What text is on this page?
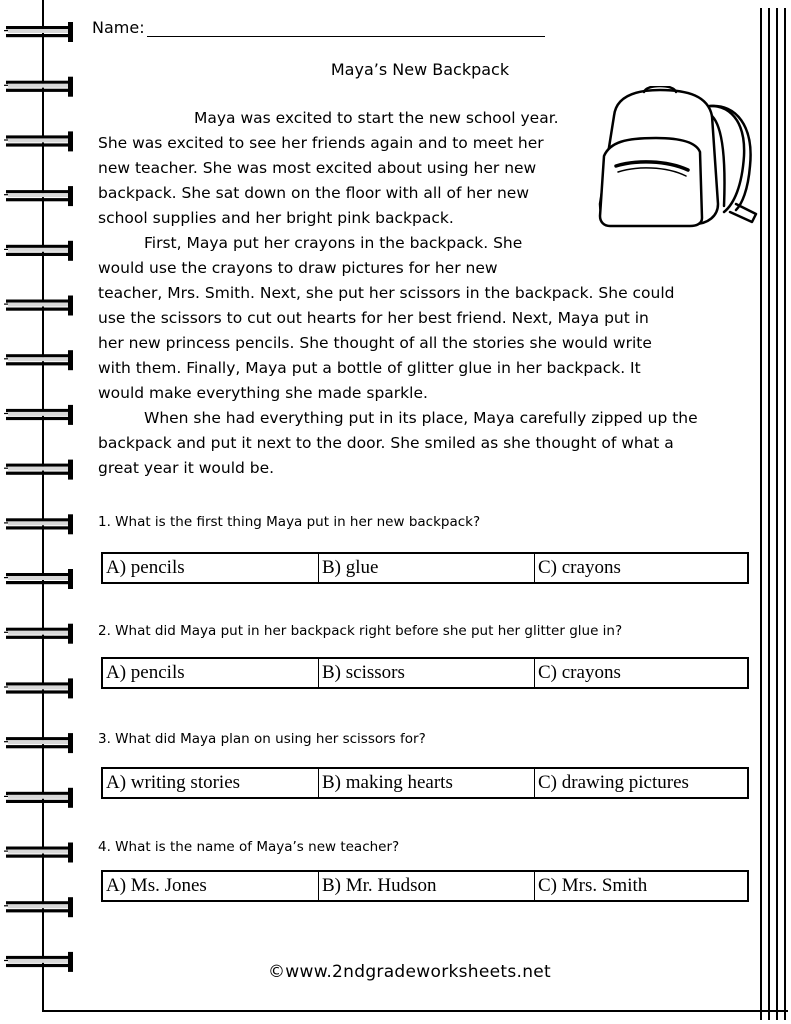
Name:
Maya’s New Backpack
Maya was excited to start the new school year.
She was excited to see her friends again and to meet her
new teacher. She was most excited about using her new
backpack. She sat down on the floor with all of her new
school supplies and her bright pink backpack.
First, Maya put her crayons in the backpack. She
would use the crayons to draw pictures for her new
teacher, Mrs. Smith. Next, she put her scissors in the backpack. She could
use the scissors to cut out hearts for her best friend. Next, Maya put in
her new princess pencils. She thought of all the stories she would write
with them. Finally, Maya put a bottle of glitter glue in her backpack. It
would make everything she made sparkle.
When she had everything put in its place, Maya carefully zipped up the
backpack and put it next to the door. She smiled as she thought of what a
great year it would be.
1. What is the first thing Maya put in her new backpack?
A) pencils	B) glue	C) crayons
2. What did Maya put in her backpack right before she put her glitter glue in?
A) pencils	B) scissors	C) crayons
3. What did Maya plan on using her scissors for?
A) writing stories	B) making hearts	C) drawing pictures
4. What is the name of Maya’s new teacher?
A) Ms. Jones	B) Mr. Hudson	C) Mrs. Smith
©www.2ndgradeworksheets.net
